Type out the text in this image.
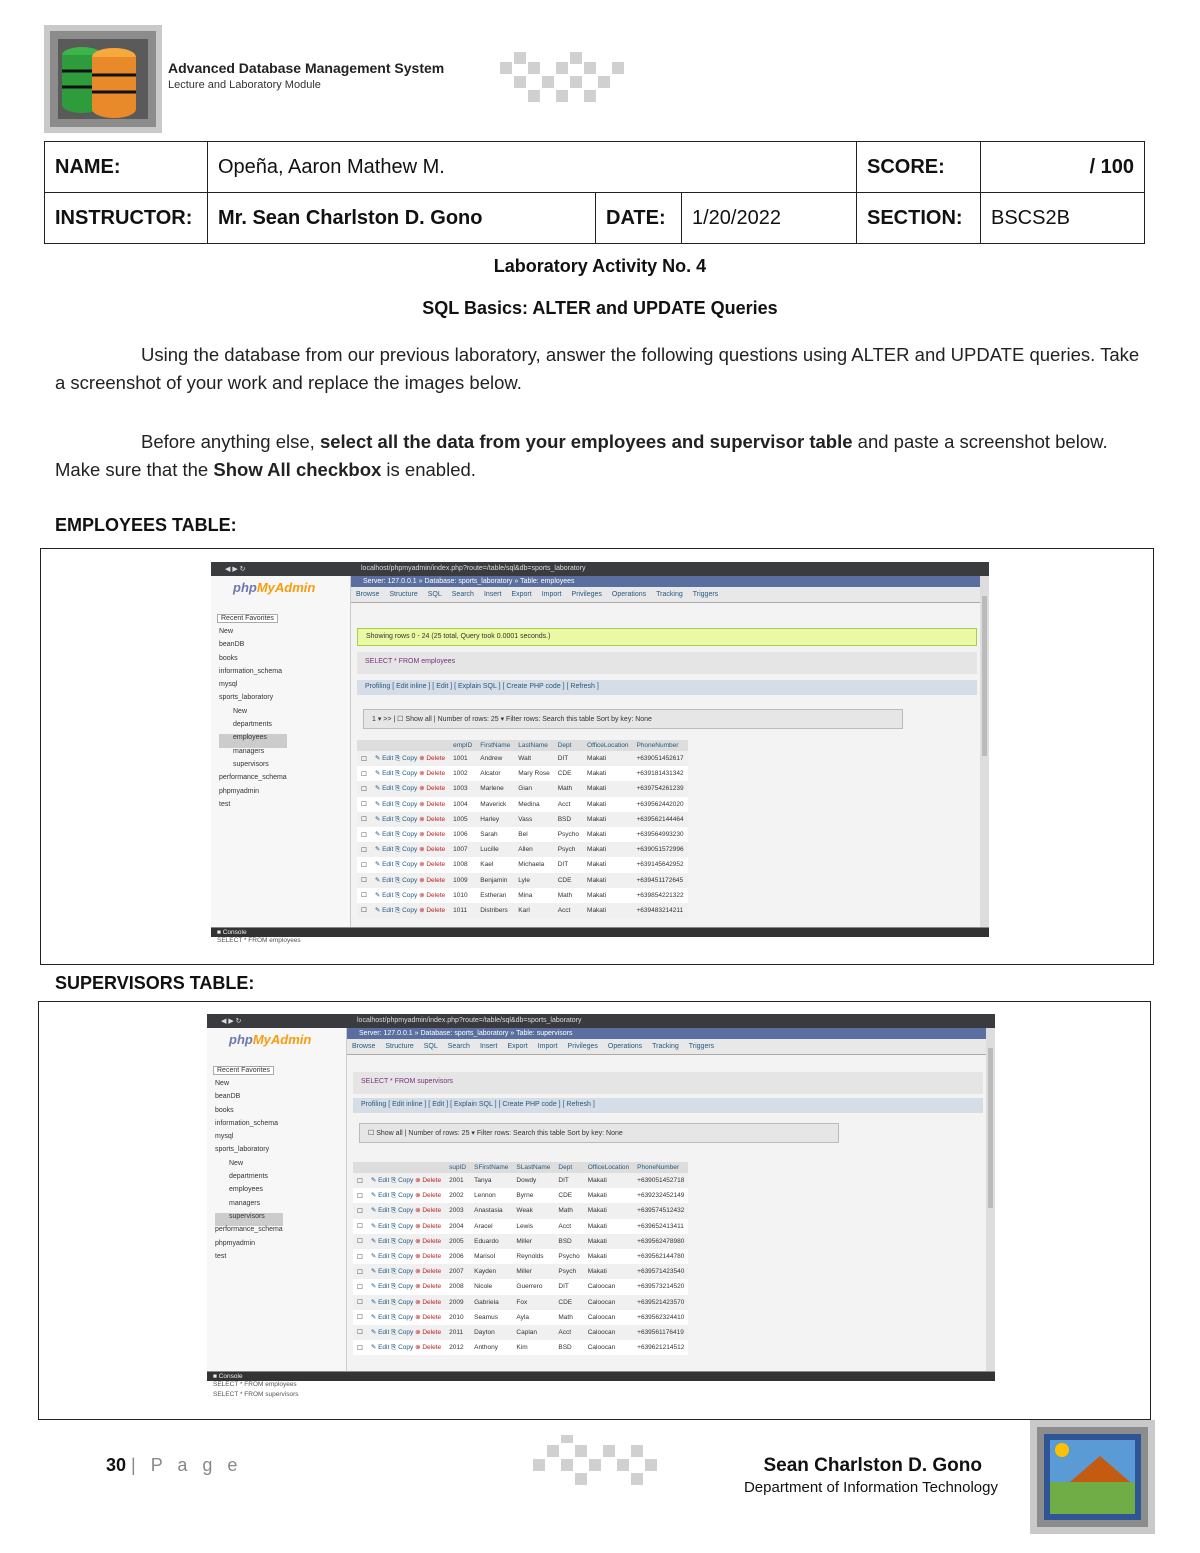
Advanced Database Management System
Lecture and Laboratory Module
NAME:	Opeña, Aaron Mathew M.			SCORE:	/ 100
INSTRUCTOR:	Mr. Sean Charlston D. Gono	DATE:	1/20/2022	SECTION:	BSCS2B
Laboratory Activity No. 4
SQL Basics: ALTER and UPDATE Queries
Using the database from our previous laboratory, answer the following questions using ALTER and UPDATE queries. Take a screenshot of your work and replace the images below.
Before anything else, select all the data from your employees and supervisor table and paste a screenshot below. Make sure that the Show All checkbox is enabled.
EMPLOYEES TABLE:
◀ ▶ ↻	localhost/phpmyadmin/index.php?route=/table/sql&db=sports_laboratory
phpMyAdmin
Recent Favorites
New
beanDB
books
information_schema
mysql
sports_laboratory
New
departments
employees
managers
supervisors
performance_schema
phpmyadmin
test
Server: 127.0.0.1 » Database: sports_laboratory » Table: employees
Browse Structure SQL Search Insert Export Import Privileges Operations Tracking Triggers
Showing rows 0 - 24 (25 total, Query took 0.0001 seconds.)
SELECT * FROM employees
Profiling [ Edit inline ] [ Edit ] [ Explain SQL ] [ Create PHP code ] [ Refresh ]
1 ▾ >> | ☐ Show all | Number of rows: 25 ▾ Filter rows: Search this table Sort by key: None
		empID	FirstName	LastName	Dept	OfficeLocation	PhoneNumber
☐	✎ Edit ⎘ Copy ⊗ Delete	1001	Andrew	Walt	DIT	Makati	+639051452617
☐	✎ Edit ⎘ Copy ⊗ Delete	1002	Alcator	Mary Rose	CDE	Makati	+639181431342
☐	✎ Edit ⎘ Copy ⊗ Delete	1003	Marlene	Gian	Math	Makati	+639754261239
☐	✎ Edit ⎘ Copy ⊗ Delete	1004	Maverick	Medina	Acct	Makati	+639562442020
☐	✎ Edit ⎘ Copy ⊗ Delete	1005	Harley	Vass	BSD	Makati	+639562144464
☐	✎ Edit ⎘ Copy ⊗ Delete	1006	Sarah	Bel	Psycho	Makati	+639564993230
☐	✎ Edit ⎘ Copy ⊗ Delete	1007	Lucille	Allen	Psych	Makati	+639051572996
☐	✎ Edit ⎘ Copy ⊗ Delete	1008	Kael	Michaela	DIT	Makati	+639145642952
☐	✎ Edit ⎘ Copy ⊗ Delete	1009	Benjamin	Lyle	CDE	Makati	+639451172645
☐	✎ Edit ⎘ Copy ⊗ Delete	1010	Estheran	Mina	Math	Makati	+639854221322
☐	✎ Edit ⎘ Copy ⊗ Delete	1011	Distribers	Karl	Acct	Makati	+639483214211
■ Console
SELECT * FROM employees
SUPERVISORS TABLE:
◀ ▶ ↻	localhost/phpmyadmin/index.php?route=/table/sql&db=sports_laboratory
phpMyAdmin
Recent Favorites
New
beanDB
books
information_schema
mysql
sports_laboratory
New
departments
employees
managers
supervisors
performance_schema
phpmyadmin
test
Server: 127.0.0.1 » Database: sports_laboratory » Table: supervisors
Browse Structure SQL Search Insert Export Import Privileges Operations Tracking Triggers
SELECT * FROM supervisors
Profiling [ Edit inline ] [ Edit ] [ Explain SQL ] [ Create PHP code ] [ Refresh ]
☐ Show all | Number of rows: 25 ▾ Filter rows: Search this table Sort by key: None
		supID	SFirstName	SLastName	Dept	OfficeLocation	PhoneNumber
☐	✎ Edit ⎘ Copy ⊗ Delete	2001	Tanya	Dowdy	DIT	Makati	+639051452718
☐	✎ Edit ⎘ Copy ⊗ Delete	2002	Lennon	Byrne	CDE	Makati	+639232452149
☐	✎ Edit ⎘ Copy ⊗ Delete	2003	Anastasia	Weak	Math	Makati	+639574512432
☐	✎ Edit ⎘ Copy ⊗ Delete	2004	Aracel	Lewis	Acct	Makati	+639652413411
☐	✎ Edit ⎘ Copy ⊗ Delete	2005	Eduardo	Miller	BSD	Makati	+639562478980
☐	✎ Edit ⎘ Copy ⊗ Delete	2006	Marisol	Reynolds	Psycho	Makati	+639562144780
☐	✎ Edit ⎘ Copy ⊗ Delete	2007	Kayden	Miller	Psych	Makati	+639571423540
☐	✎ Edit ⎘ Copy ⊗ Delete	2008	Nicole	Guerrero	DIT	Caloocan	+639573214520
☐	✎ Edit ⎘ Copy ⊗ Delete	2009	Gabriela	Fox	CDE	Caloocan	+639521423570
☐	✎ Edit ⎘ Copy ⊗ Delete	2010	Seamus	Ayla	Math	Caloocan	+639562324410
☐	✎ Edit ⎘ Copy ⊗ Delete	2011	Dayton	Caplan	Acct	Caloocan	+639561176419
☐	✎ Edit ⎘ Copy ⊗ Delete	2012	Anthony	Kim	BSD	Caloocan	+639621214512
■ Console
SELECT * FROM employees
SELECT * FROM supervisors
30 | P a g e	Sean Charlston D. Gono
Department of Information Technology
